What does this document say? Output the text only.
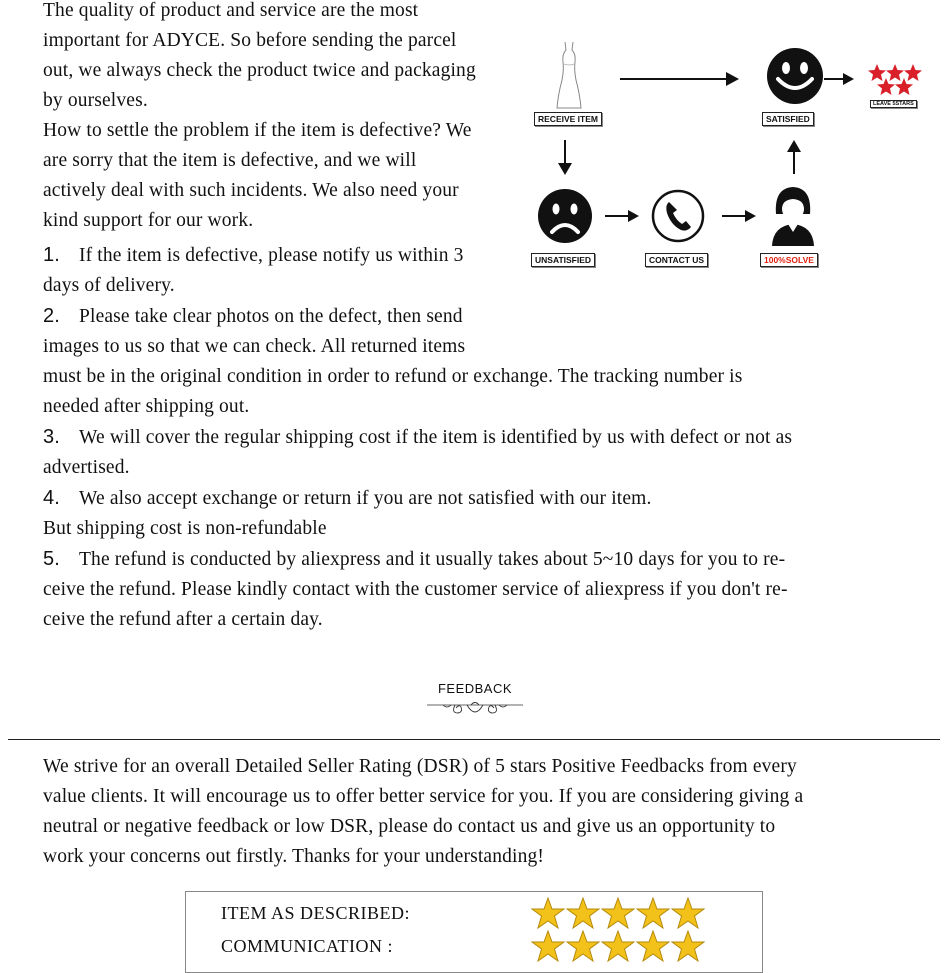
The quality of product and service are the most
important for ADYCE. So before sending the parcel
out, we always check the product twice and packaging
by ourselves.
How to settle the problem if the item is defective? We
are sorry that the item is defective, and we will
actively deal with such incidents. We also need your
kind support for our work.
1. If the item is defective, please notify us within 3
days of delivery.
2. Please take clear photos on the defect, then send
images to us so that we can check. All returned items
must be in the original condition in order to refund or exchange. The tracking number is
needed after shipping out.
3. We will cover the regular shipping cost if the item is identified by us with defect or not as
advertised.
4. We also accept exchange or return if you are not satisfied with our item.
But shipping cost is non-refundable
5. The refund is conducted by aliexpress and it usually takes about 5~10 days for you to re-
ceive the refund. Please kindly contact with the customer service of aliexpress if you don't re-
ceive the refund after a certain day.
RECEIVE ITEM	SATISFIED
LEAVE 5STARS
UNSATISFIED	CONTACT US	100%SOLVE
FEEDBACK
We strive for an overall Detailed Seller Rating (DSR) of 5 stars Positive Feedbacks from every
value clients. It will encourage us to offer better service for you. If you are considering giving a
neutral or negative feedback or low DSR, please do contact us and give us an opportunity to
work your concerns out firstly. Thanks for your understanding!
ITEM AS DESCRIBED:
COMMUNICATION :
